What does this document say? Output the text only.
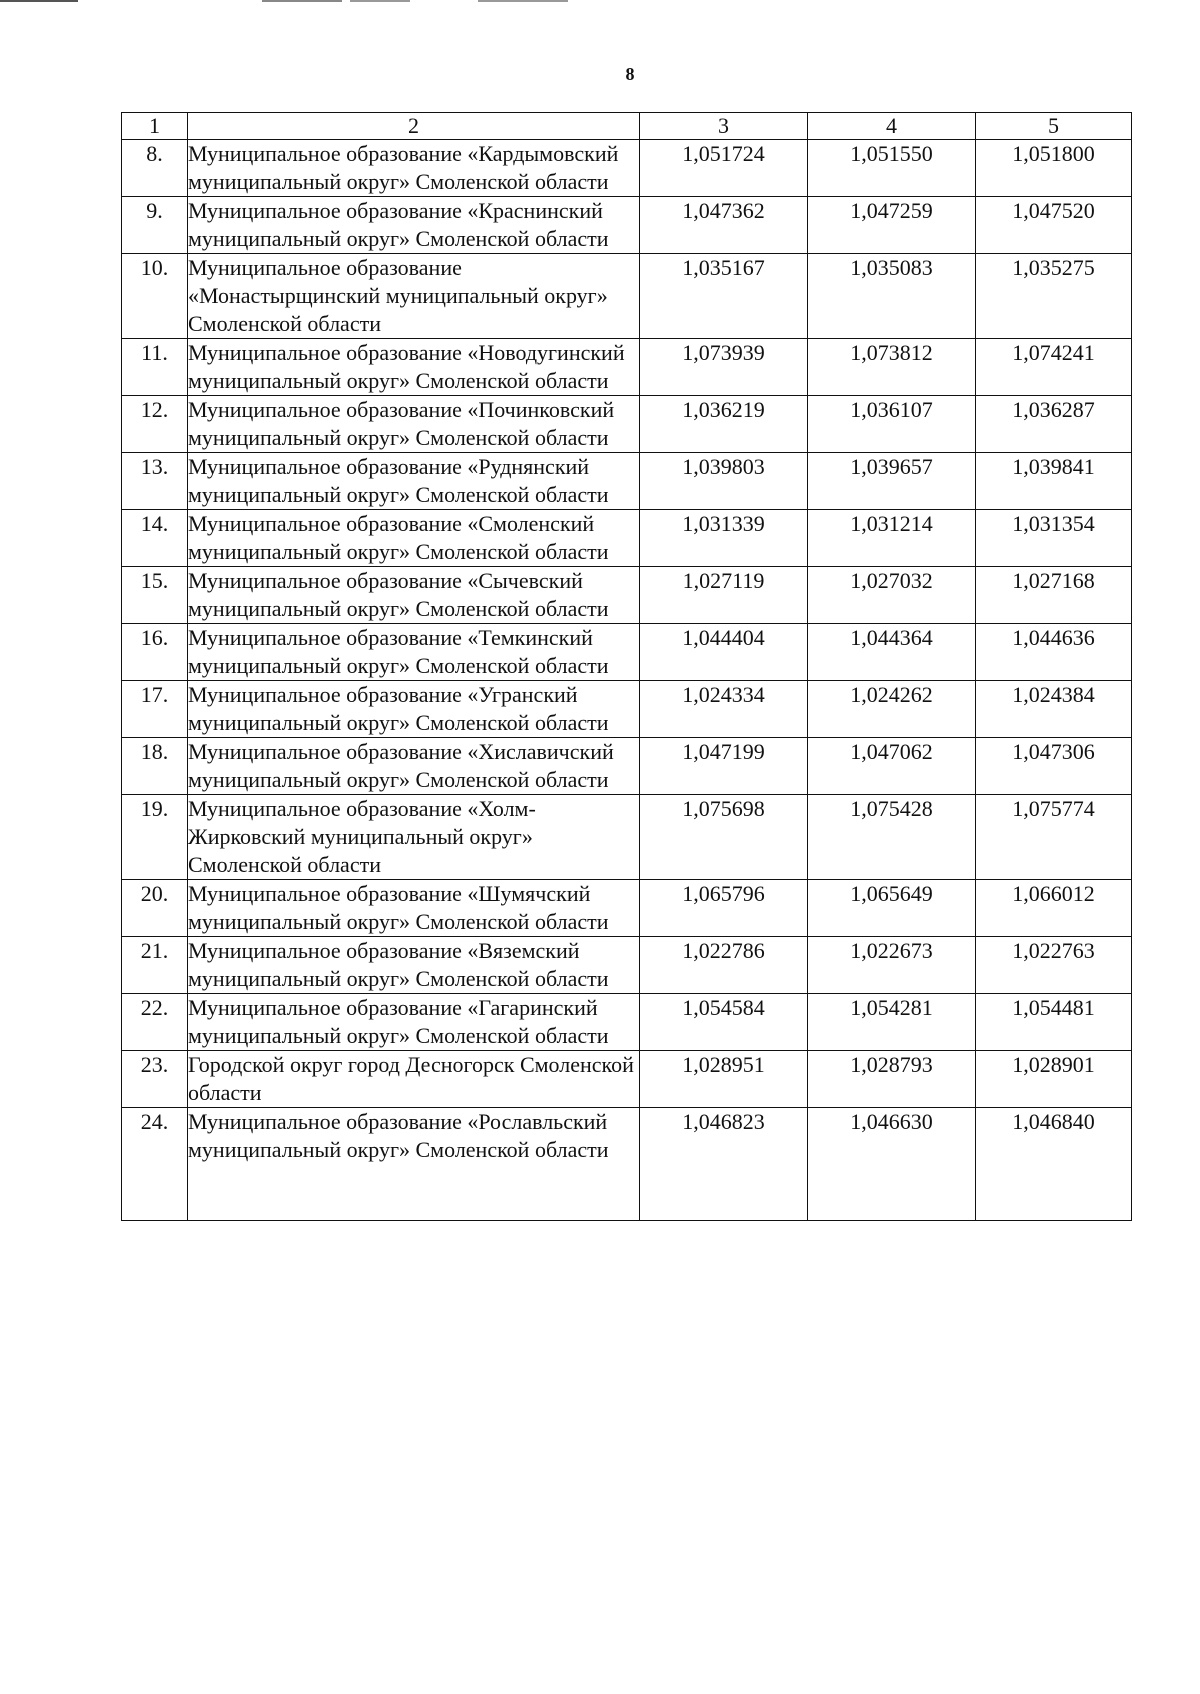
8
1	2	3	4	5
8.	Муниципальное образование «Кардымовский муниципальный округ» Смоленской области	1,051724	1,051550	1,051800
9.	Муниципальное образование «Краснинский муниципальный округ» Смоленской области	1,047362	1,047259	1,047520
10.	Муниципальное образование «Монастырщинский муниципальный округ» Смоленской области	1,035167	1,035083	1,035275
11.	Муниципальное образование «Новодугинский муниципальный округ» Смоленской области	1,073939	1,073812	1,074241
12.	Муниципальное образование «Починковский муниципальный округ» Смоленской области	1,036219	1,036107	1,036287
13.	Муниципальное образование «Руднянский муниципальный округ» Смоленской области	1,039803	1,039657	1,039841
14.	Муниципальное образование «Смоленский муниципальный округ» Смоленской области	1,031339	1,031214	1,031354
15.	Муниципальное образование «Сычевский муниципальный округ» Смоленской области	1,027119	1,027032	1,027168
16.	Муниципальное образование «Темкинский муниципальный округ» Смоленской области	1,044404	1,044364	1,044636
17.	Муниципальное образование «Угранский муниципальный округ» Смоленской области	1,024334	1,024262	1,024384
18.	Муниципальное образование «Хиславичский муниципальный округ» Смоленской области	1,047199	1,047062	1,047306
19.	Муниципальное образование «Холм-Жирковский муниципальный округ» Смоленской области	1,075698	1,075428	1,075774
20.	Муниципальное образование «Шумячский муниципальный округ» Смоленской области	1,065796	1,065649	1,066012
21.	Муниципальное образование «Вяземский муниципальный округ» Смоленской области	1,022786	1,022673	1,022763
22.	Муниципальное образование «Гагаринский муниципальный округ» Смоленской области	1,054584	1,054281	1,054481
23.	Городской округ город Десногорск Смоленской области	1,028951	1,028793	1,028901
24.	Муниципальное образование «Рославльский муниципальный округ» Смоленской области	1,046823	1,046630	1,046840
